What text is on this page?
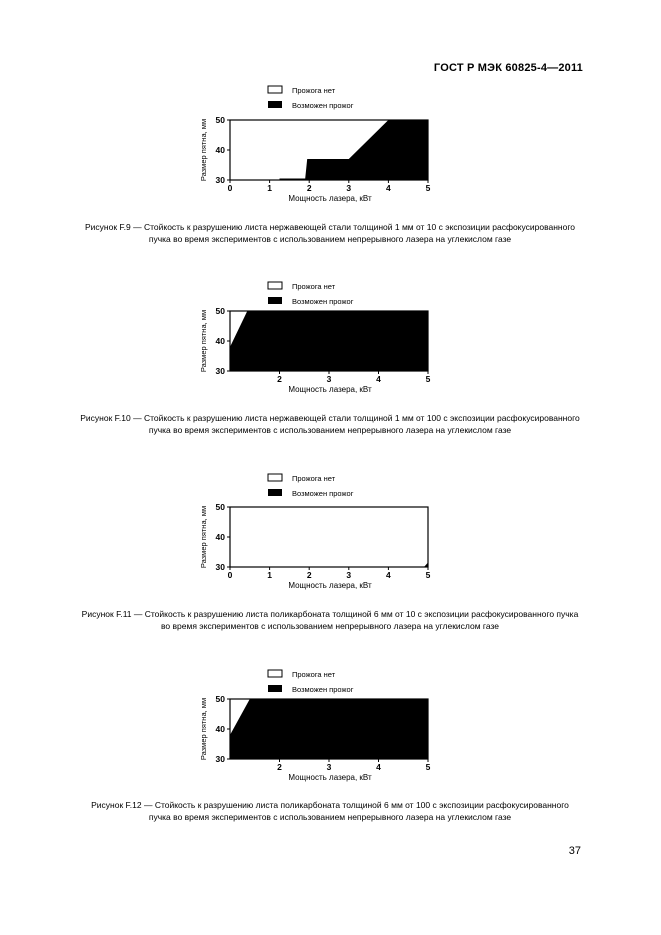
ГОСТ Р МЭК 60825-4—2011
Прожога нет
Возможен прожог
30
40
50
0	1	2	3	4	5
Мощность лазера, кВт
Размер пятна, мм
Рисунок F.9 — Стойкость к разрушению листа нержавеющей стали толщиной 1 мм от 10 с экспозиции расфокусированного пучка во время экспериментов с использованием непрерывного лазера на углекислом газе
Прожога нет
Возможен прожог
30
40
50
2	3	4	5
Мощность лазера, кВт
Размер пятна, мм
Рисунок F.10 — Стойкость к разрушению листа нержавеющей стали толщиной 1 мм от 100 с экспозиции расфокусированного пучка во время экспериментов с использованием непрерывного лазера на углекислом газе
Прожога нет
Возможен прожог
30
40
50
0	1	2	3	4	5
Мощность лазера, кВт
Размер пятна, мм
Рисунок F.11 — Стойкость к разрушению листа поликарбоната толщиной 6 мм от 10 с экспозиции расфокусированного пучка во время экспериментов с использованием непрерывного лазера на углекислом газе
Прожога нет
Возможен прожог
30
40
50
2	3	4	5
Мощность лазера, кВт
Размер пятна, мм
Рисунок F.12 — Стойкость к разрушению листа поликарбоната толщиной 6 мм от 100 с экспозиции расфокусированного пучка во время экспериментов с использованием непрерывного лазера на углекислом газе
37
